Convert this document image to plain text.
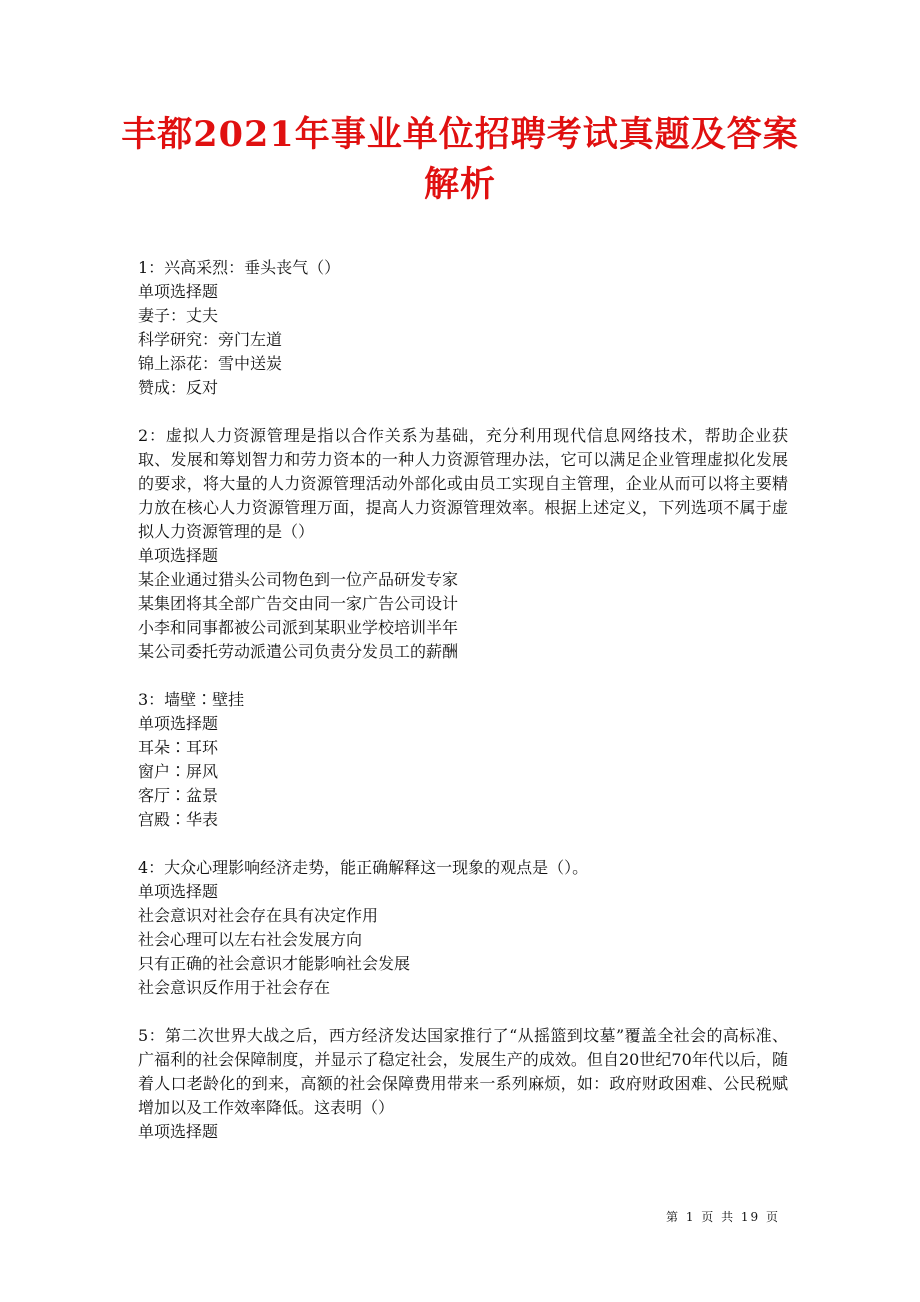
丰都2021年事业单位招聘考试真题及答案
解析
1：兴高采烈：垂头丧气（）
单项选择题
妻子：丈夫
科学研究：旁门左道
锦上添花：雪中送炭
赞成：反对
2：虚拟人力资源管理是指以合作关系为基础，充分利用现代信息网络技术，帮助企业获取、发展和筹划智力和劳力资本的一种人力资源管理办法，它可以满足企业管理虚拟化发展的要求，将大量的人力资源管理活动外部化或由员工实现自主管理，企业从而可以将主要精力放在核心人力资源管理万面，提高人力资源管理效率。根据上述定义，下列选项不属于虚拟人力资源管理的是（）
单项选择题
某企业通过猎头公司物色到一位产品研发专家
某集团将其全部广告交由同一家广告公司设计
小李和同事都被公司派到某职业学校培训半年
某公司委托劳动派遣公司负责分发员工的薪酬
3：墙壁∶壁挂
单项选择题
耳朵∶耳环
窗户∶屏风
客厅∶盆景
宫殿∶华表
4：大众心理影响经济走势，能正确解释这一现象的观点是（）。
单项选择题
社会意识对社会存在具有决定作用
社会心理可以左右社会发展方向
只有正确的社会意识才能影响社会发展
社会意识反作用于社会存在
5：第二次世界大战之后，西方经济发达国家推行了“从摇篮到坟墓”覆盖全社会的高标准、广福利的社会保障制度，并显示了稳定社会，发展生产的成效。但自20世纪70年代以后，随着人口老龄化的到来，高额的社会保障费用带来一系列麻烦，如：政府财政困难、公民税赋增加以及工作效率降低。这表明（）
单项选择题
第 1 页 共 19 页
